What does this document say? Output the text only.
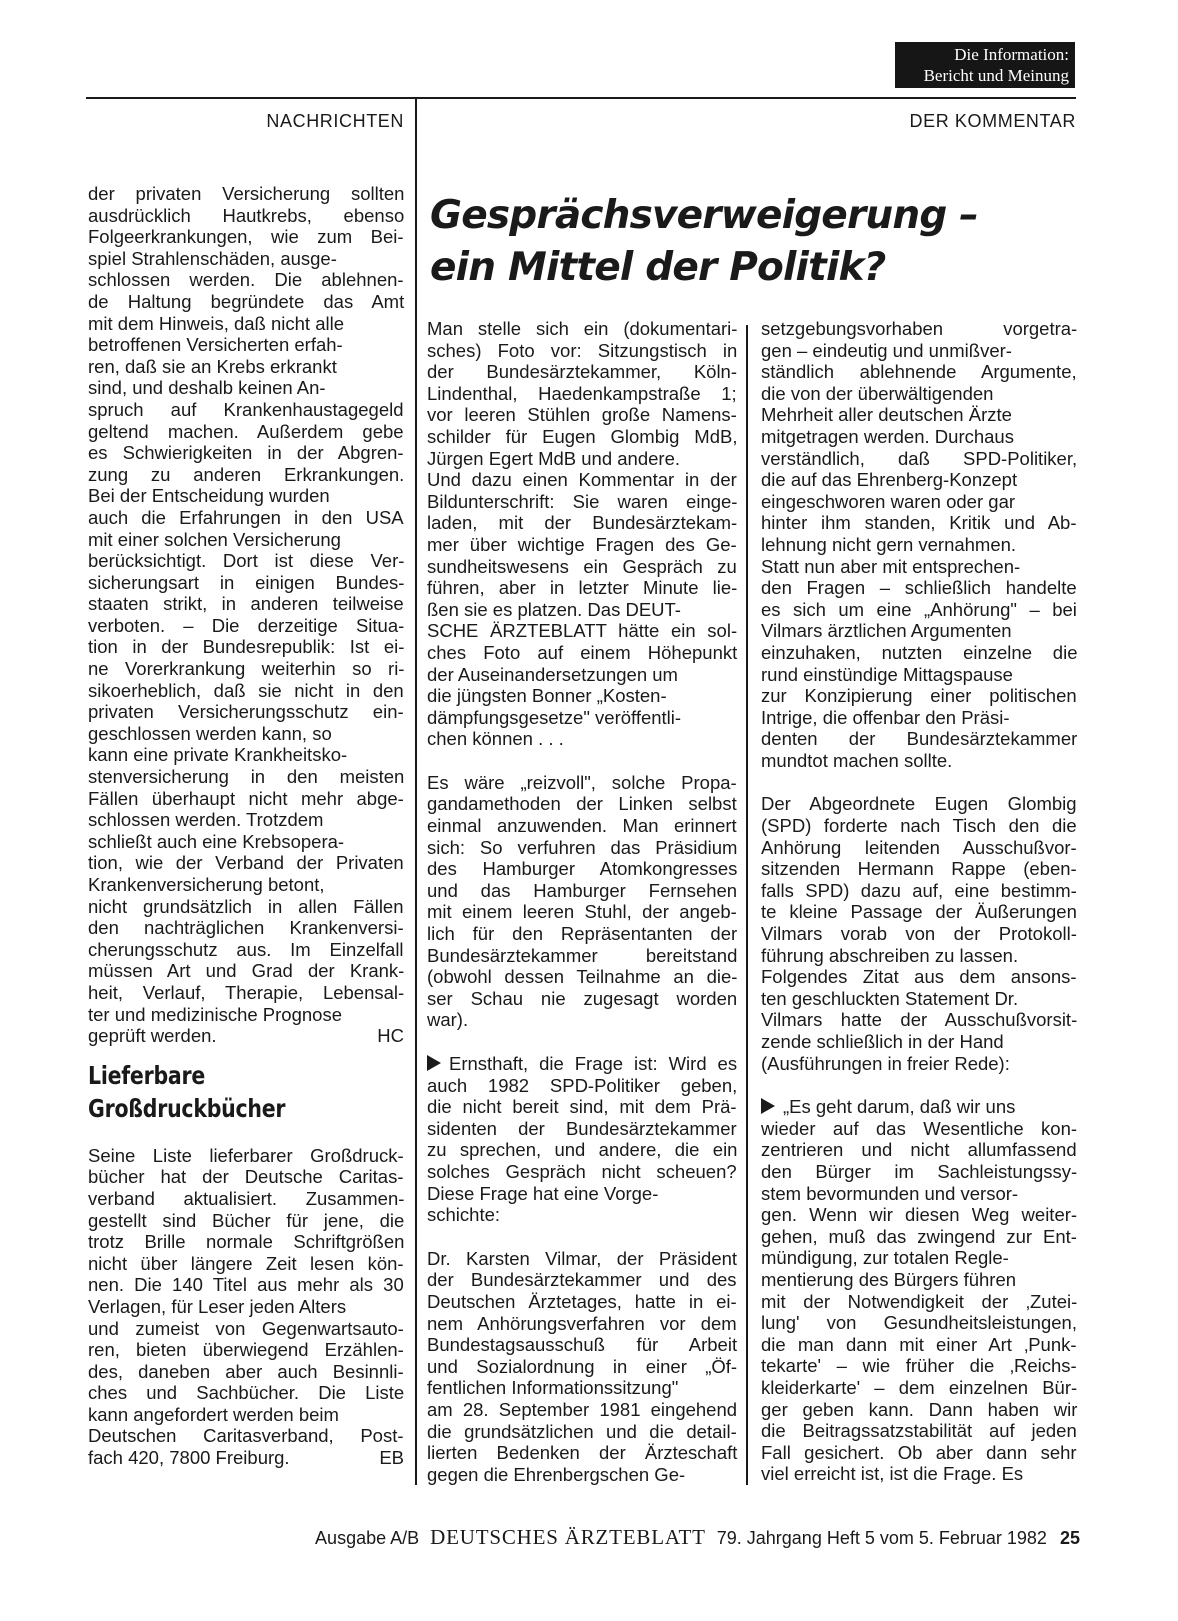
Die Information:
Bericht und Meinung
NACHRICHTEN	DER KOMMENTAR
Gesprächsverweigerung –
ein Mittel der Politik?

der privaten Versicherung sollten
ausdrücklich Hautkrebs, ebenso
Folgeerkrankungen, wie zum Bei-
spiel Strahlenschäden, ausge-
schlossen werden. Die ablehnen-
de Haltung begründete das Amt
mit dem Hinweis, daß nicht alle
betroffenen Versicherten erfah-
ren, daß sie an Krebs erkrankt
sind, und deshalb keinen An-
spruch auf Krankenhaustagegeld
geltend machen. Außerdem gebe
es Schwierigkeiten in der Abgren-
zung zu anderen Erkrankungen.
Bei der Entscheidung wurden
auch die Erfahrungen in den USA
mit einer solchen Versicherung
berücksichtigt. Dort ist diese Ver-
sicherungsart in einigen Bundes-
staaten strikt, in anderen teilweise
verboten. – Die derzeitige Situa-
tion in der Bundesrepublik: Ist ei-
ne Vorerkrankung weiterhin so ri-
sikoerheblich, daß sie nicht in den
privaten Versicherungsschutz ein-
geschlossen werden kann, so
kann eine private Krankheitsko-
stenversicherung in den meisten
Fällen überhaupt nicht mehr abge-
schlossen werden. Trotzdem
schließt auch eine Krebsopera-
tion, wie der Verband der Privaten
Krankenversicherung betont,
nicht grundsätzlich in allen Fällen
den nachträglichen Krankenversi-
cherungsschutz aus. Im Einzelfall
müssen Art und Grad der Krank-
heit, Verlauf, Therapie, Lebensal-
ter und medizinische Prognose
geprüft werden.	HC

Lieferbare
Großdruckbücher

Seine Liste lieferbarer Großdruck-
bücher hat der Deutsche Caritas-
verband aktualisiert. Zusammen-
gestellt sind Bücher für jene, die
trotz Brille normale Schriftgrößen
nicht über längere Zeit lesen kön-
nen. Die 140 Titel aus mehr als 30
Verlagen, für Leser jeden Alters
und zumeist von Gegenwartsauto-
ren, bieten überwiegend Erzählen-
des, daneben aber auch Besinnli-
ches und Sachbücher. Die Liste
kann angefordert werden beim
Deutschen Caritasverband, Post-
fach 420, 7800 Freiburg.	EB

Man stelle sich ein (dokumentari-
sches) Foto vor: Sitzungstisch in
der Bundesärztekammer, Köln-
Lindenthal, Haedenkampstraße 1;
vor leeren Stühlen große Namens-
schilder für Eugen Glombig MdB,
Jürgen Egert MdB und andere.
Und dazu einen Kommentar in der
Bildunterschrift: Sie waren einge-
laden, mit der Bundesärztekam-
mer über wichtige Fragen des Ge-
sundheitswesens ein Gespräch zu
führen, aber in letzter Minute lie-
ßen sie es platzen. Das DEUT-
SCHE ÄRZTEBLATT hätte ein sol-
ches Foto auf einem Höhepunkt
der Auseinandersetzungen um
die jüngsten Bonner „Kosten-
dämpfungsgesetze" veröffentli-
chen können . . .

Es wäre „reizvoll", solche Propa-
gandamethoden der Linken selbst
einmal anzuwenden. Man erinnert
sich: So verfuhren das Präsidium
des Hamburger Atomkongresses
und das Hamburger Fernsehen
mit einem leeren Stuhl, der angeb-
lich für den Repräsentanten der
Bundesärztekammer bereitstand
(obwohl dessen Teilnahme an die-
ser Schau nie zugesagt worden
war).

Ernsthaft, die Frage ist: Wird es
auch 1982 SPD-Politiker geben,
die nicht bereit sind, mit dem Prä-
sidenten der Bundesärztekammer
zu sprechen, und andere, die ein
solches Gespräch nicht scheuen?
Diese Frage hat eine Vorge-
schichte:

Dr. Karsten Vilmar, der Präsident
der Bundesärztekammer und des
Deutschen Ärztetages, hatte in ei-
nem Anhörungsverfahren vor dem
Bundestagsausschuß für Arbeit
und Sozialordnung in einer „Öf-
fentlichen Informationssitzung"
am 28. September 1981 eingehend
die grundsätzlichen und die detail-
lierten Bedenken der Ärzteschaft
gegen die Ehrenbergschen Ge-

setzgebungsvorhaben vorgetra-
gen – eindeutig und unmißver-
ständlich ablehnende Argumente,
die von der überwältigenden
Mehrheit aller deutschen Ärzte
mitgetragen werden. Durchaus
verständlich, daß SPD-Politiker,
die auf das Ehrenberg-Konzept
eingeschworen waren oder gar
hinter ihm standen, Kritik und Ab-
lehnung nicht gern vernahmen.
Statt nun aber mit entsprechen-
den Fragen – schließlich handelte
es sich um eine „Anhörung" – bei
Vilmars ärztlichen Argumenten
einzuhaken, nutzten einzelne die
rund einstündige Mittagspause
zur Konzipierung einer politischen
Intrige, die offenbar den Präsi-
denten der Bundesärztekammer
mundtot machen sollte.

Der Abgeordnete Eugen Glombig
(SPD) forderte nach Tisch den die
Anhörung leitenden Ausschußvor-
sitzenden Hermann Rappe (eben-
falls SPD) dazu auf, eine bestimm-
te kleine Passage der Äußerungen
Vilmars vorab von der Protokoll-
führung abschreiben zu lassen.
Folgendes Zitat aus dem ansons-
ten geschluckten Statement Dr.
Vilmars hatte der Ausschußvorsit-
zende schließlich in der Hand
(Ausführungen in freier Rede):

„Es geht darum, daß wir uns
wieder auf das Wesentliche kon-
zentrieren und nicht allumfassend
den Bürger im Sachleistungssy-
stem bevormunden und versor-
gen. Wenn wir diesen Weg weiter-
gehen, muß das zwingend zur Ent-
mündigung, zur totalen Regle-
mentierung des Bürgers führen
mit der Notwendigkeit der ‚Zutei-
lung' von Gesundheitsleistungen,
die man dann mit einer Art ‚Punk-
tekarte' – wie früher die ‚Reichs-
kleiderkarte' – dem einzelnen Bür-
ger geben kann. Dann haben wir
die Beitragssatzstabilität auf jeden
Fall gesichert. Ob aber dann sehr
viel erreicht ist, ist die Frage. Es

Ausgabe A/B DEUTSCHES ÄRZTEBLATT 79. Jahrgang Heft 5 vom 5. Februar 1982 25
